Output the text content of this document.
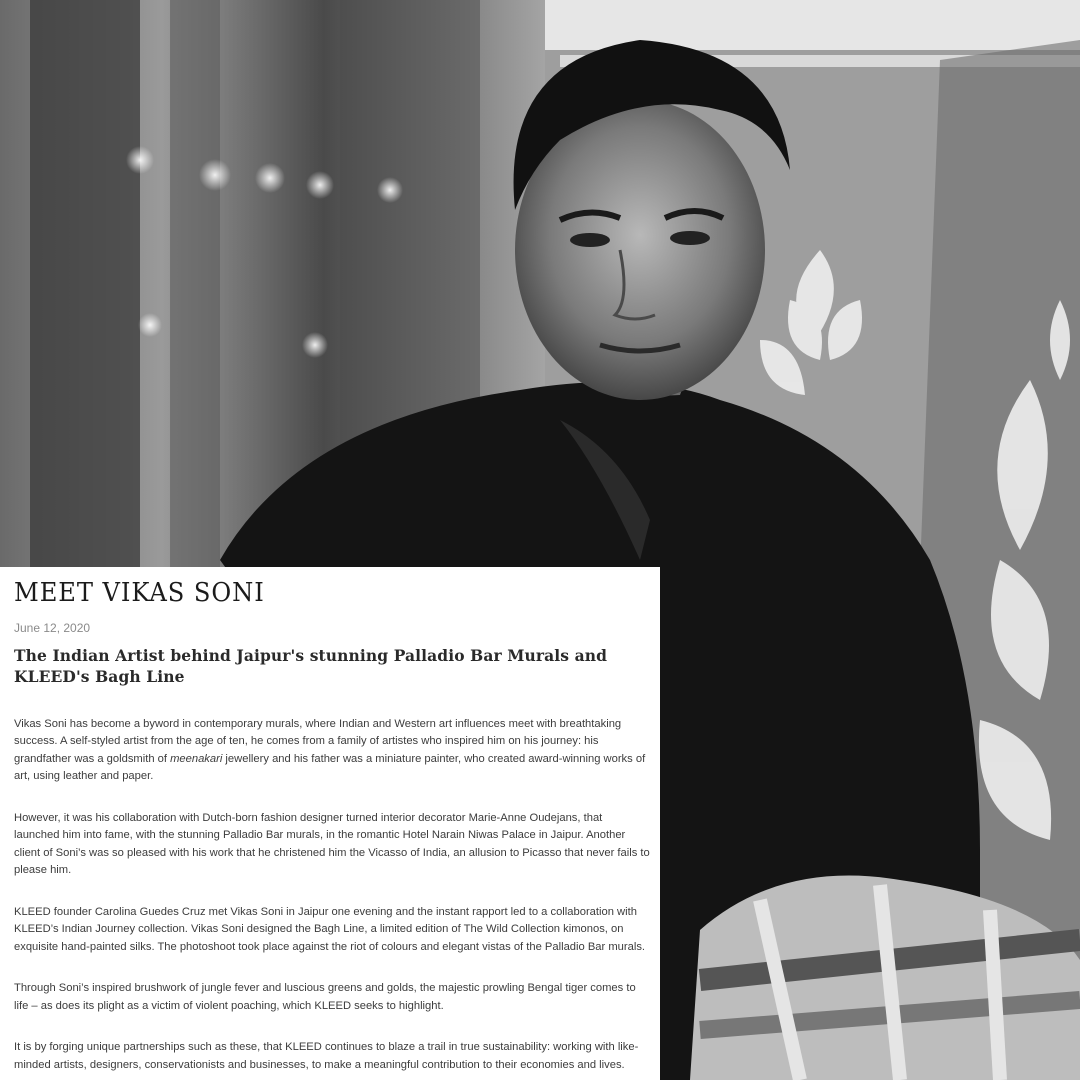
MEET VIKAS SONI
June 12, 2020
The Indian Artist behind Jaipur's stunning Palladio Bar Murals and KLEED's Bagh Line

Vikas Soni has become a byword in contemporary murals, where Indian and Western art influences meet with breathtaking success. A self-styled artist from the age of ten, he comes from a family of artistes who inspired him on his journey: his grandfather was a goldsmith of meenakari jewellery and his father was a miniature painter, who created award-winning works of art, using leather and paper.

However, it was his collaboration with Dutch-born fashion designer turned interior decorator Marie-Anne Oudejans, that launched him into fame, with the stunning Palladio Bar murals, in the romantic Hotel Narain Niwas Palace in Jaipur. Another client of Soni’s was so pleased with his work that he christened him the Vicasso of India, an allusion to Picasso that never fails to please him.

KLEED founder Carolina Guedes Cruz met Vikas Soni in Jaipur one evening and the instant rapport led to a collaboration with KLEED’s Indian Journey collection. Vikas Soni designed the Bagh Line, a limited edition of The Wild Collection kimonos, on exquisite hand-painted silks. The photoshoot took place against the riot of colours and elegant vistas of the Palladio Bar murals.

Through Soni’s inspired brushwork of jungle fever and luscious greens and golds, the majestic prowling Bengal tiger comes to life – as does its plight as a victim of violent poaching, which KLEED seeks to highlight.

It is by forging unique partnerships such as these, that KLEED continues to blaze a trail in true sustainability: working with like-minded artists, designers, conservationists and businesses, to make a meaningful contribution to their economies and lives.
